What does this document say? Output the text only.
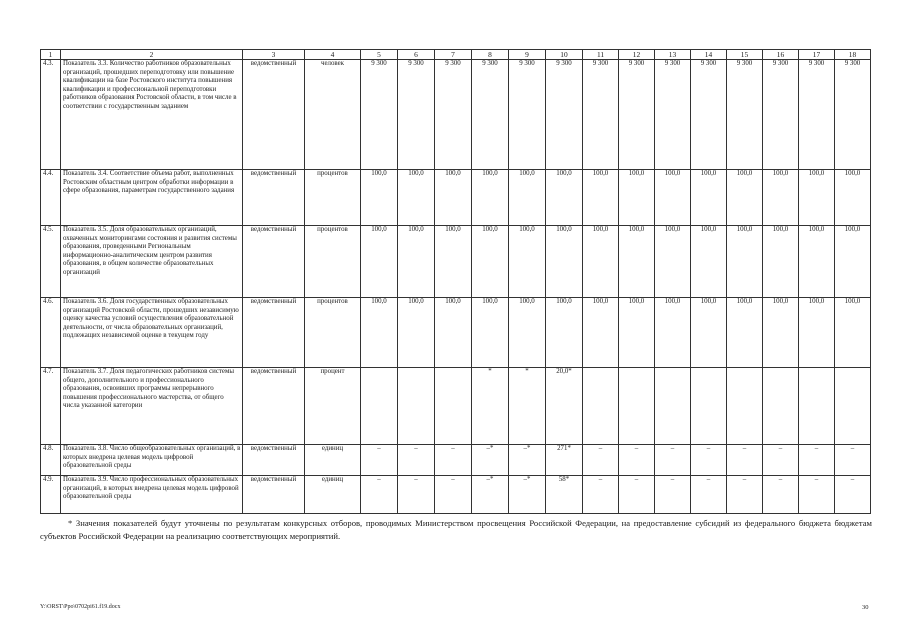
1	2	3	4	5	6	7	8	9	10	11	12	13	14	15	16	17	18
4.3.	Показатель 3.3. Количество работников образовательных организаций, прошедших переподготовку или повышение квалификации на базе Ростовского института повышения квалификации и профессиональной переподготовки работников образования Ростовской области, в том числе в соответствии с государственным заданием	ведомственный	человек	9 300	9 300	9 300	9 300	9 300	9 300	9 300	9 300	9 300	9 300	9 300	9 300	9 300	9 300
4.4.	Показатель 3.4. Соответствие объема работ, выполненных Ростовским областным центром обработки информации в сфере образования, параметрам государственного задания	ведомственный	процентов	100,0	100,0	100,0	100,0	100,0	100,0	100,0	100,0	100,0	100,0	100,0	100,0	100,0	100,0
4.5.	Показатель 3.5. Доля образовательных организаций, охваченных мониторингами состояния и развития системы образования, проведенными Региональным информационно-аналитическим центром развития образования, в общем количестве образовательных организаций	ведомственный	процентов	100,0	100,0	100,0	100,0	100,0	100,0	100,0	100,0	100,0	100,0	100,0	100,0	100,0	100,0
4.6.	Показатель 3.6. Доля государственных образовательных организаций Ростовской области, прошедших независимую оценку качества условий осуществления образовательной деятельности, от числа образовательных организаций, подлежащих независимой оценке в текущем году	ведомственный	процентов	100,0	100,0	100,0	100,0	100,0	100,0	100,0	100,0	100,0	100,0	100,0	100,0	100,0	100,0
4.7.	Показатель 3.7. Доля педагогических работников системы общего, дополнительного и профессионального образования, освоивших программы непрерывного повышения профессионального мастерства, от общего числа указанной категории	ведомственный	процент				*	*	20,0*								
4.8.	Показатель 3.8. Число общеобразовательных организаций, в которых внедрена целевая модель цифровой образовательной среды	ведомственный	единиц	–	–	–	–*	–*	271*	–	–	–	–	–	–	–	–
4.9.	Показатель 3.9. Число профессиональных образовательных организаций, в которых внедрена целевая модель цифровой образовательной среды	ведомственный	единиц	–	–	–	–*	–*	58*	–	–	–	–	–	–	–	–
* Значения показателей будут уточнены по результатам конкурсных отборов, проводимых Министерством просвещения Российской Федерации, на предоставление субсидий из федерального бюджета бюджетам субъектов Российской Федерации на реализацию соответствующих мероприятий.
Y:\ORST\Ppo\0702pi61.f19.docx	30
